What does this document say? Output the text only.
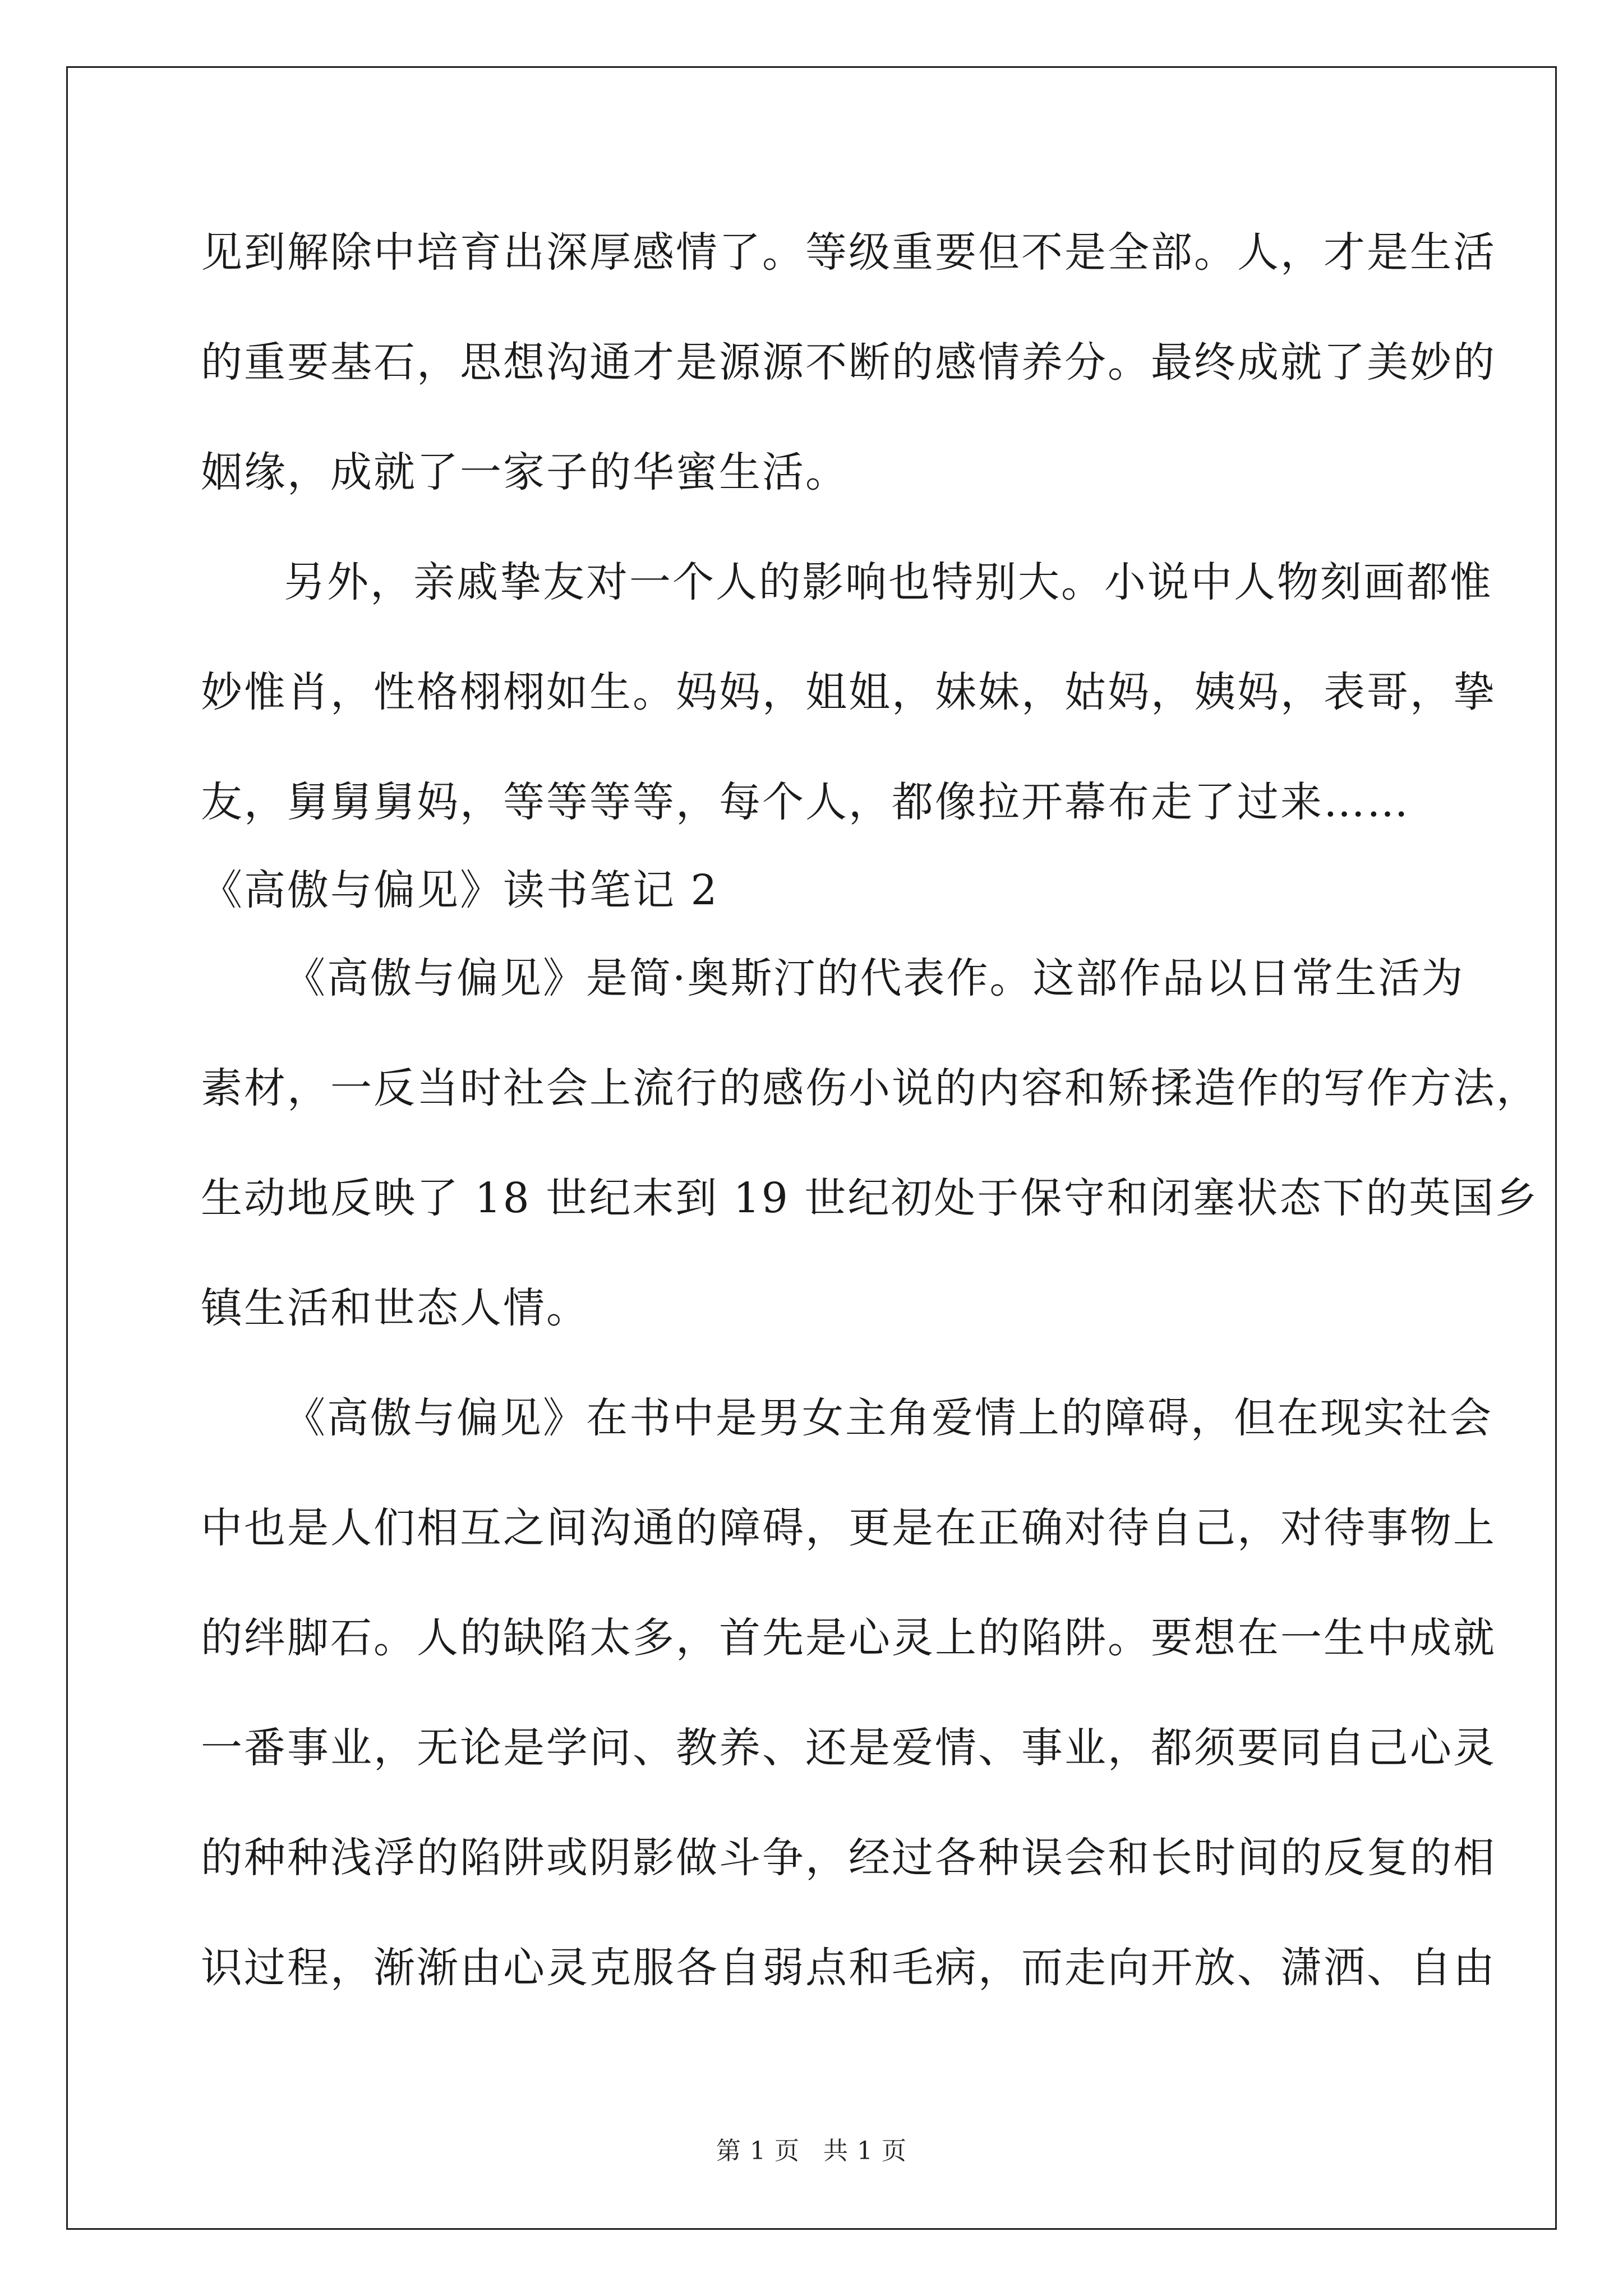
见到解除中培育出深厚感情了。等级重要但不是全部。人，才是生活
的重要基石，思想沟通才是源源不断的感情养分。最终成就了美妙的
姻缘，成就了一家子的华蜜生活。
另外，亲戚挚友对一个人的影响也特别大。小说中人物刻画都惟
妙惟肖，性格栩栩如生。妈妈，姐姐，妹妹，姑妈，姨妈，表哥，挚
友，舅舅舅妈，等等等等，每个人，都像拉开幕布走了过来……
《高傲与偏见》读书笔记 2
《高傲与偏见》是简·奥斯汀的代表作。这部作品以日常生活为
素材，一反当时社会上流行的感伤小说的内容和矫揉造作的写作方法，
生动地反映了 18 世纪末到 19 世纪初处于保守和闭塞状态下的英国乡
镇生活和世态人情。
《高傲与偏见》在书中是男女主角爱情上的障碍，但在现实社会
中也是人们相互之间沟通的障碍，更是在正确对待自己，对待事物上
的绊脚石。人的缺陷太多，首先是心灵上的陷阱。要想在一生中成就
一番事业，无论是学问、教养、还是爱情、事业，都须要同自己心灵
的种种浅浮的陷阱或阴影做斗争，经过各种误会和长时间的反复的相
识过程，渐渐由心灵克服各自弱点和毛病，而走向开放、潇洒、自由
第 1 页 共 1 页
